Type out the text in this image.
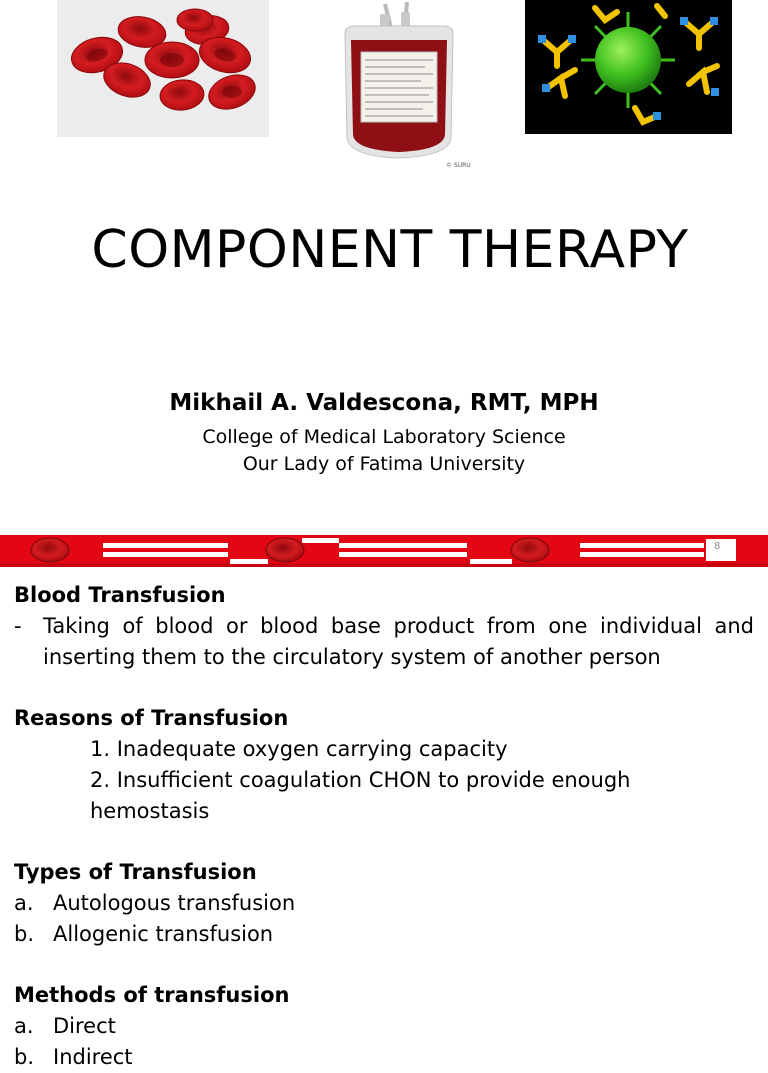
© SURU
COMPONENT THERAPY
Mikhail A. Valdescona, RMT, MPH
College of Medical Laboratory Science
Our Lady of Fatima University
8
Blood Transfusion
-	Taking of blood or blood base product from one individual and inserting them to the circulatory system of another person
Reasons of Transfusion
1. Inadequate oxygen carrying capacity
2. Insufficient coagulation CHON to provide enough hemostasis
Types of Transfusion
a. Autologous transfusion
b. Allogenic transfusion
Methods of transfusion
a. Direct
b. Indirect
